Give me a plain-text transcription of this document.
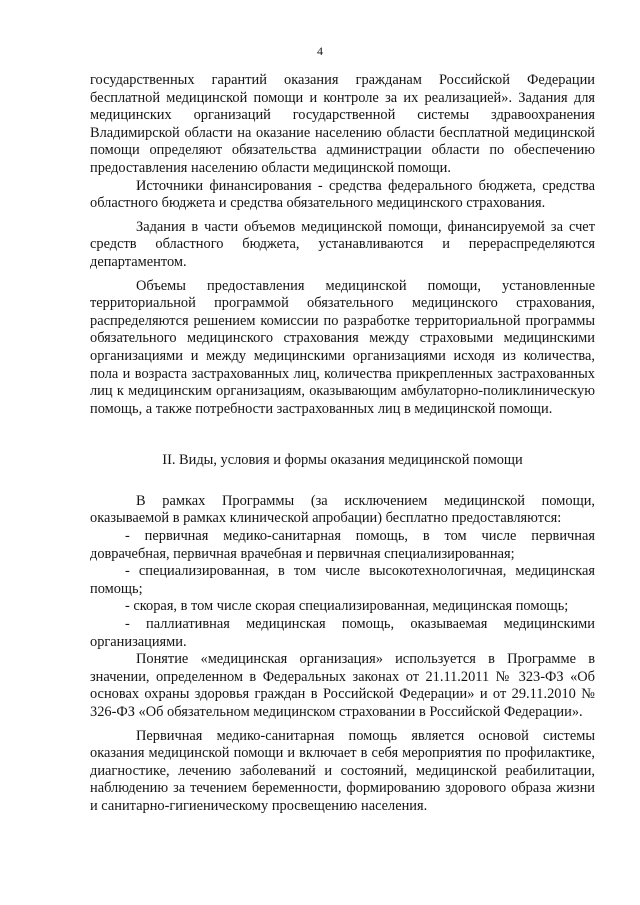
4

государственных гарантий оказания гражданам Российской Федерации бесплатной медицинской помощи и контроле за их реализацией». Задания для медицинских организаций государственной системы здравоохранения Владимирской области на оказание населению области бесплатной медицинской помощи определяют обязательства администрации области по обеспечению предоставления населению области медицинской помощи.

Источники финансирования - средства федерального бюджета, средства областного бюджета и средства обязательного медицинского страхования.

Задания в части объемов медицинской помощи, финансируемой за счет средств областного бюджета, устанавливаются и перераспределяются департаментом.

Объемы предоставления медицинской помощи, установленные территориальной программой обязательного медицинского страхования, распределяются решением комиссии по разработке территориальной программы обязательного медицинского страхования между страховыми медицинскими организациями и между медицинскими организациями исходя из количества, пола и возраста застрахованных лиц, количества прикрепленных застрахованных лиц к медицинским организациям, оказывающим амбулаторно-поликлиническую помощь, а также потребности застрахованных лиц в медицинской помощи.

II. Виды, условия и формы оказания медицинской помощи

В рамках Программы (за исключением медицинской помощи, оказываемой в рамках клинической апробации) бесплатно предоставляются:

- первичная медико-санитарная помощь, в том числе первичная доврачебная, первичная врачебная и первичная специализированная;

- специализированная, в том числе высокотехнологичная, медицинская помощь;

- скорая, в том числе скорая специализированная, медицинская помощь;

- паллиативная медицинская помощь, оказываемая медицинскими организациями.

Понятие «медицинская организация» используется в Программе в значении, определенном в Федеральных законах от 21.11.2011 № 323-ФЗ «Об основах охраны здоровья граждан в Российской Федерации» и от 29.11.2010 № 326-ФЗ «Об обязательном медицинском страховании в Российской Федерации».

Первичная медико-санитарная помощь является основой системы оказания медицинской помощи и включает в себя мероприятия по профилактике, диагностике, лечению заболеваний и состояний, медицинской реабилитации, наблюдению за течением беременности, формированию здорового образа жизни и санитарно-гигиеническому просвещению населения.
